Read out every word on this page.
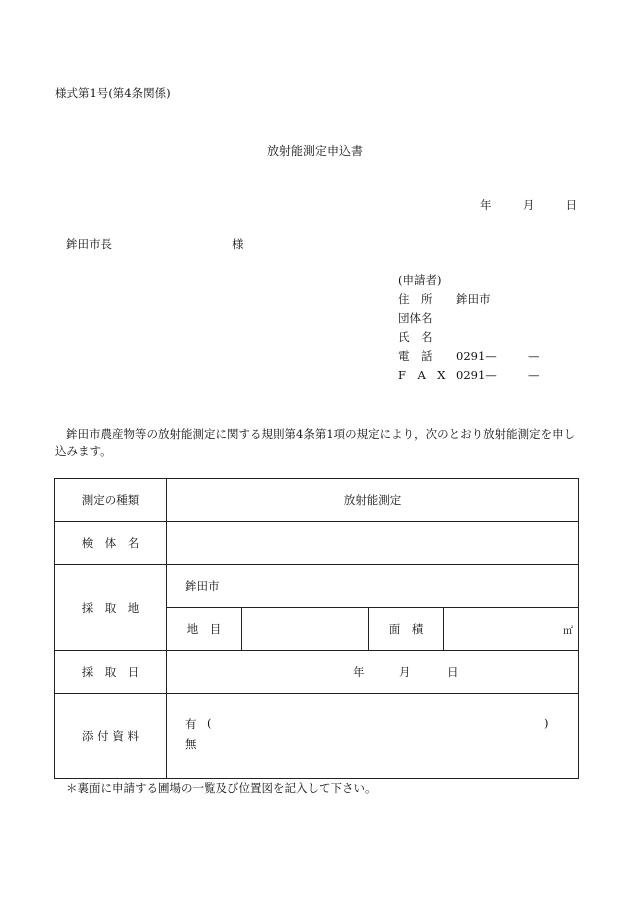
様式第1号(第4条関係)
放射能測定申込書
年	月	日
鉾田市長	様
(申請者)
住　所 鉾田市
団体名
氏　名
電　話 0291—	—
F　A　X 0291—	—
鉾田市農産物等の放射能測定に関する規則第4条第1項の規定により，次のとおり放射能測定を申し込みます。
測定の種類	放射能測定			
検　体　名				
採　取　地	鉾田市			
	地　目		面　積	㎡
採　取　日	年 月 日			

添 付 資 料	有 ( )
無			
＊裏面に申請する圃場の一覧及び位置図を記入して下さい。
